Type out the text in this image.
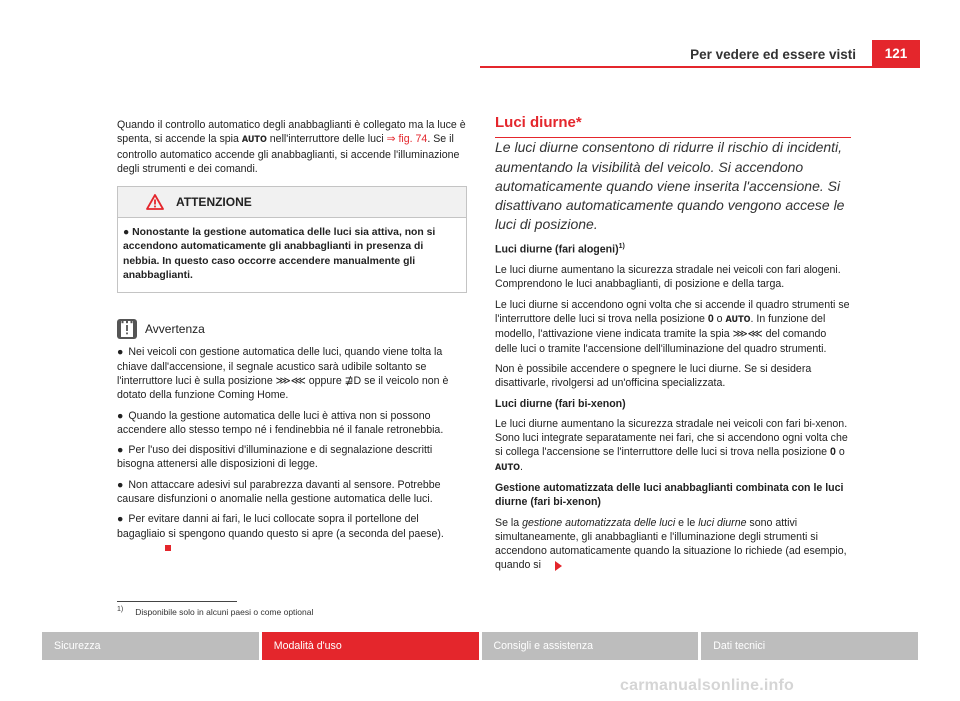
Per vedere ed essere visti	121

Quando il controllo automatico degli anabbaglianti è collegato ma la luce è spenta, si accende la spia AUTO nell'interruttore delle luci ⇒ fig. 74. Se il controllo automatico accende gli anabbaglianti, si accende l'illuminazione degli strumenti e dei comandi.

ATTENZIONE
● Nonostante la gestione automatica delle luci sia attiva, non si accendono automaticamente gli anabbaglianti in presenza di nebbia. In questo caso occorre accendere manualmente gli anabbaglianti.
Avvertenza

● Nei veicoli con gestione automatica delle luci, quando viene tolta la chiave dall'accensione, il segnale acustico sarà udibile soltanto se l'interruttore luci è sulla posizione ⋙⋘ oppure ⋣D se il veicolo non è dotato della funzione Coming Home.

● Quando la gestione automatica delle luci è attiva non si possono accendere allo stesso tempo né i fendinebbia né il fanale retronebbia.

● Per l'uso dei dispositivi d'illuminazione e di segnalazione descritti bisogna attenersi alle disposizioni di legge.

● Non attaccare adesivi sul parabrezza davanti al sensore. Potrebbe causare disfunzioni o anomalie nella gestione automatica delle luci.

● Per evitare danni ai fari, le luci collocate sopra il portellone del bagagliaio si spengono quando questo si apre (a seconda del paese).

Luci diurne*

Le luci diurne consentono di ridurre il rischio di incidenti, aumentando la visibilità del veicolo. Si accendono automaticamente quando viene inserita l'accensione. Si disattivano automaticamente quando vengono accese le luci di posizione.

Luci diurne (fari alogeni)$^{1)}$

Le luci diurne aumentano la sicurezza stradale nei veicoli con fari alogeni. Comprendono le luci anabbaglianti, di posizione e della targa.

Le luci diurne si accendono ogni volta che si accende il quadro strumenti se l'interruttore delle luci si trova nella posizione 0 o AUTO. In funzione del modello, l'attivazione viene indicata tramite la spia ⋙⋘ del comando delle luci o tramite l'accensione dell'illuminazione del quadro strumenti.

Non è possibile accendere o spegnere le luci diurne. Se si desidera disattivarle, rivolgersi ad un'officina specializzata.

Luci diurne (fari bi-xenon)

Le luci diurne aumentano la sicurezza stradale nei veicoli con fari bi-xenon. Sono luci integrate separatamente nei fari, che si accendono ogni volta che si collega l'accensione se l'interruttore delle luci si trova nella posizione 0 o AUTO.

Gestione automatizzata delle luci anabbaglianti combinata con le luci diurne (fari bi-xenon)

Se la gestione automatizzata delle luci e le luci diurne sono attivi simultaneamente, gli anabbaglianti e l'illuminazione degli strumenti si accendono automaticamente quando la situazione lo richiede (ad esempio, quando si

$^{1)}$ Disponibile solo in alcuni paesi o come optional
Sicurezza	Modalità d'uso	Consigli e assistenza	Dati tecnici
carmanualsonline.info
